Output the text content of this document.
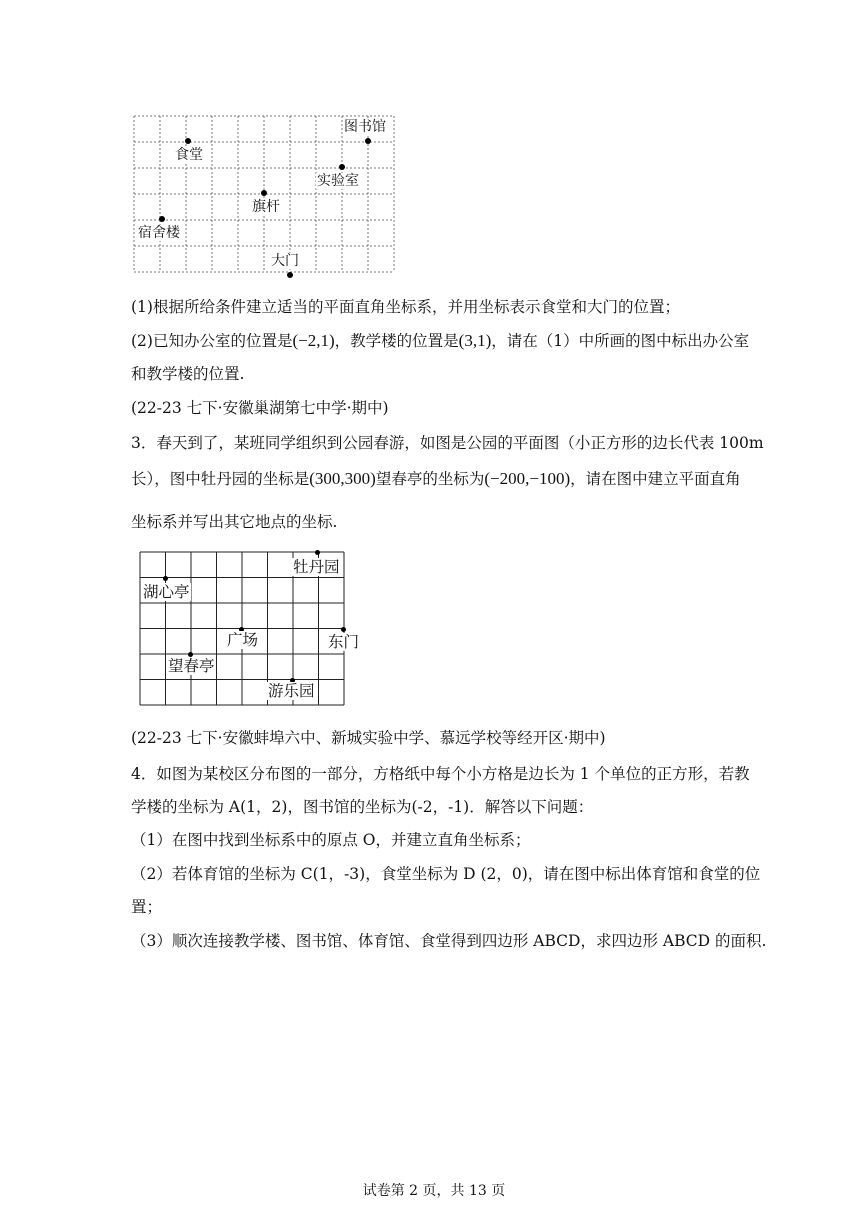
图书馆
食堂
实验室
旗杆
宿舍楼
大门
(1)根据所给条件建立适当的平面直角坐标系，并用坐标表示食堂和大门的位置；
(2)已知办公室的位置是(−2,1)，教学楼的位置是(3,1)，请在（1）中所画的图中标出办公室
和教学楼的位置.
(22-23 七下·安徽巢湖第七中学·期中)
3．春天到了，某班同学组织到公园春游，如图是公园的平面图（小正方形的边长代表 100m
长），图中牡丹园的坐标是(300,300)望春亭的坐标为(−200,−100)，请在图中建立平面直角
坐标系并写出其它地点的坐标.
牡丹园
湖心亭
广场	东门
望春亭
游乐园
(22-23 七下·安徽蚌埠六中、新城实验中学、慕远学校等经开区·期中)
4．如图为某校区分布图的一部分，方格纸中每个小方格是边长为 1 个单位的正方形，若教
学楼的坐标为 A(1，2)，图书馆的坐标为(-2，-1)．解答以下问题：
（1）在图中找到坐标系中的原点 O，并建立直角坐标系；
（2）若体育馆的坐标为 C(1，-3)，食堂坐标为 D (2，0)，请在图中标出体育馆和食堂的位
置；
（3）顺次连接教学楼、图书馆、体育馆、食堂得到四边形 ABCD，求四边形 ABCD 的面积.
试卷第 2 页，共 13 页
